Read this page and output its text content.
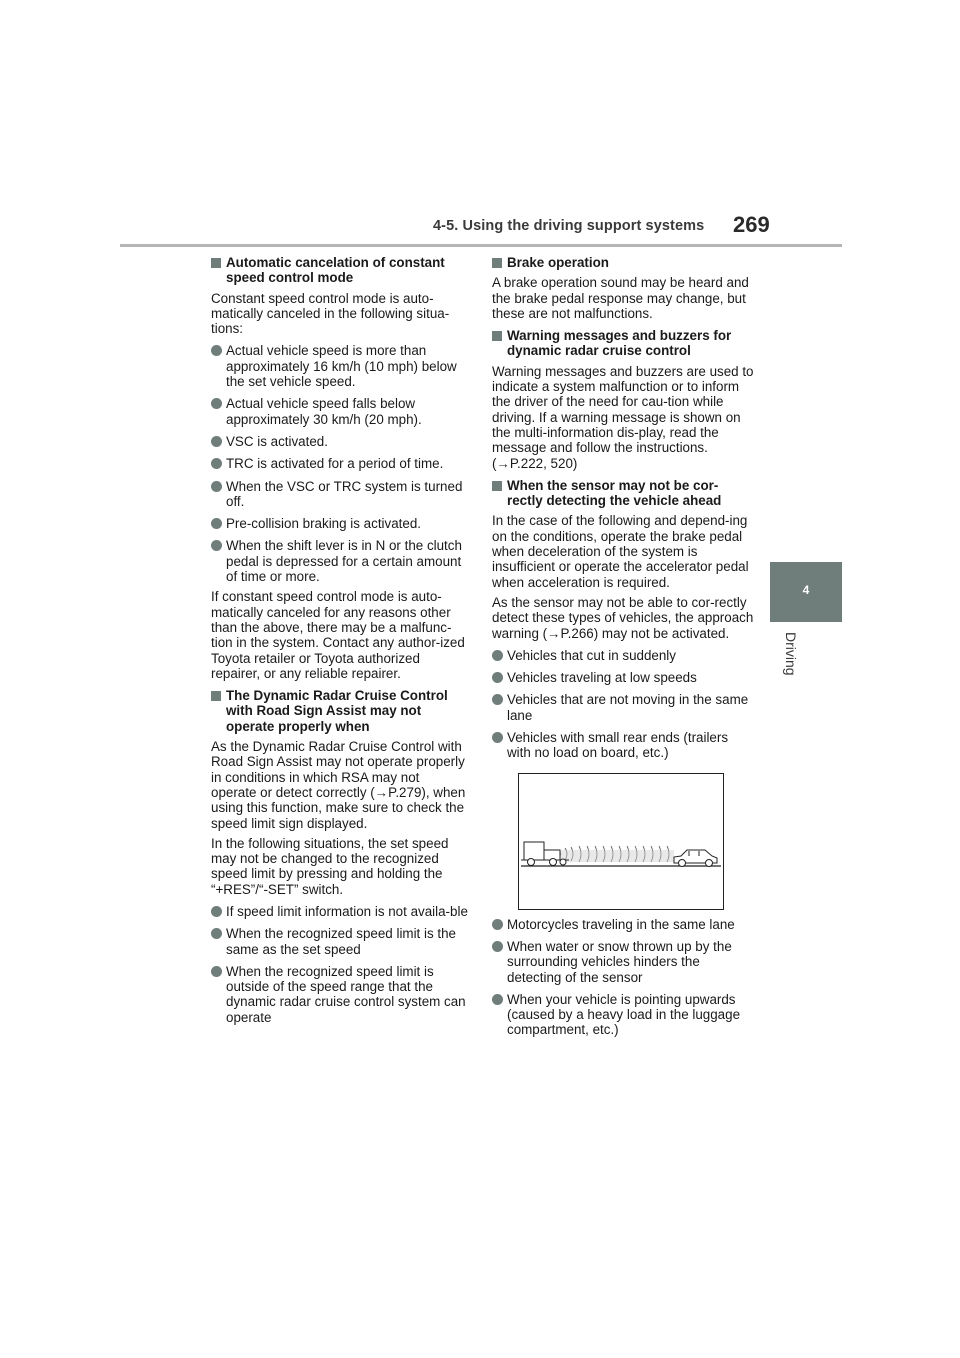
4-5. Using the driving support systems 269
4
Driving
Automatic cancelation of constant speed control mode
Constant speed control mode is auto-matically canceled in the following situa-tions:
Actual vehicle speed is more than approximately 16 km/h (10 mph) below the set vehicle speed.
Actual vehicle speed falls below approximately 30 km/h (20 mph).
VSC is activated.
TRC is activated for a period of time.
When the VSC or TRC system is turned off.
Pre-collision braking is activated.
When the shift lever is in N or the clutch pedal is depressed for a certain amount of time or more.
If constant speed control mode is auto-matically canceled for any reasons other than the above, there may be a malfunc-tion in the system. Contact any author-ized Toyota retailer or Toyota authorized repairer, or any reliable repairer.
The Dynamic Radar Cruise Control with Road Sign Assist may not operate properly when
As the Dynamic Radar Cruise Control with Road Sign Assist may not operate properly in conditions in which RSA may not operate or detect correctly (→P.279), when using this function, make sure to check the speed limit sign displayed.
In the following situations, the set speed may not be changed to the recognized speed limit by pressing and holding the “+RES”/“-SET” switch.
If speed limit information is not availa-ble
When the recognized speed limit is the same as the set speed
When the recognized speed limit is outside of the speed range that the dynamic radar cruise control system can operate
Brake operation
A brake operation sound may be heard and the brake pedal response may change, but these are not malfunctions.
Warning messages and buzzers for dynamic radar cruise control
Warning messages and buzzers are used to indicate a system malfunction or to inform the driver of the need for cau-tion while driving. If a warning message is shown on the multi-information dis-play, read the message and follow the instructions. (→P.222, 520)
When the sensor may not be cor-rectly detecting the vehicle ahead
In the case of the following and depend-ing on the conditions, operate the brake pedal when deceleration of the system is insufficient or operate the accelerator pedal when acceleration is required.
As the sensor may not be able to cor-rectly detect these types of vehicles, the approach warning (→P.266) may not be activated.
Vehicles that cut in suddenly
Vehicles traveling at low speeds
Vehicles that are not moving in the same lane
Vehicles with small rear ends (trailers with no load on board, etc.)
Motorcycles traveling in the same lane
When water or snow thrown up by the surrounding vehicles hinders the detecting of the sensor
When your vehicle is pointing upwards (caused by a heavy load in the luggage compartment, etc.)
